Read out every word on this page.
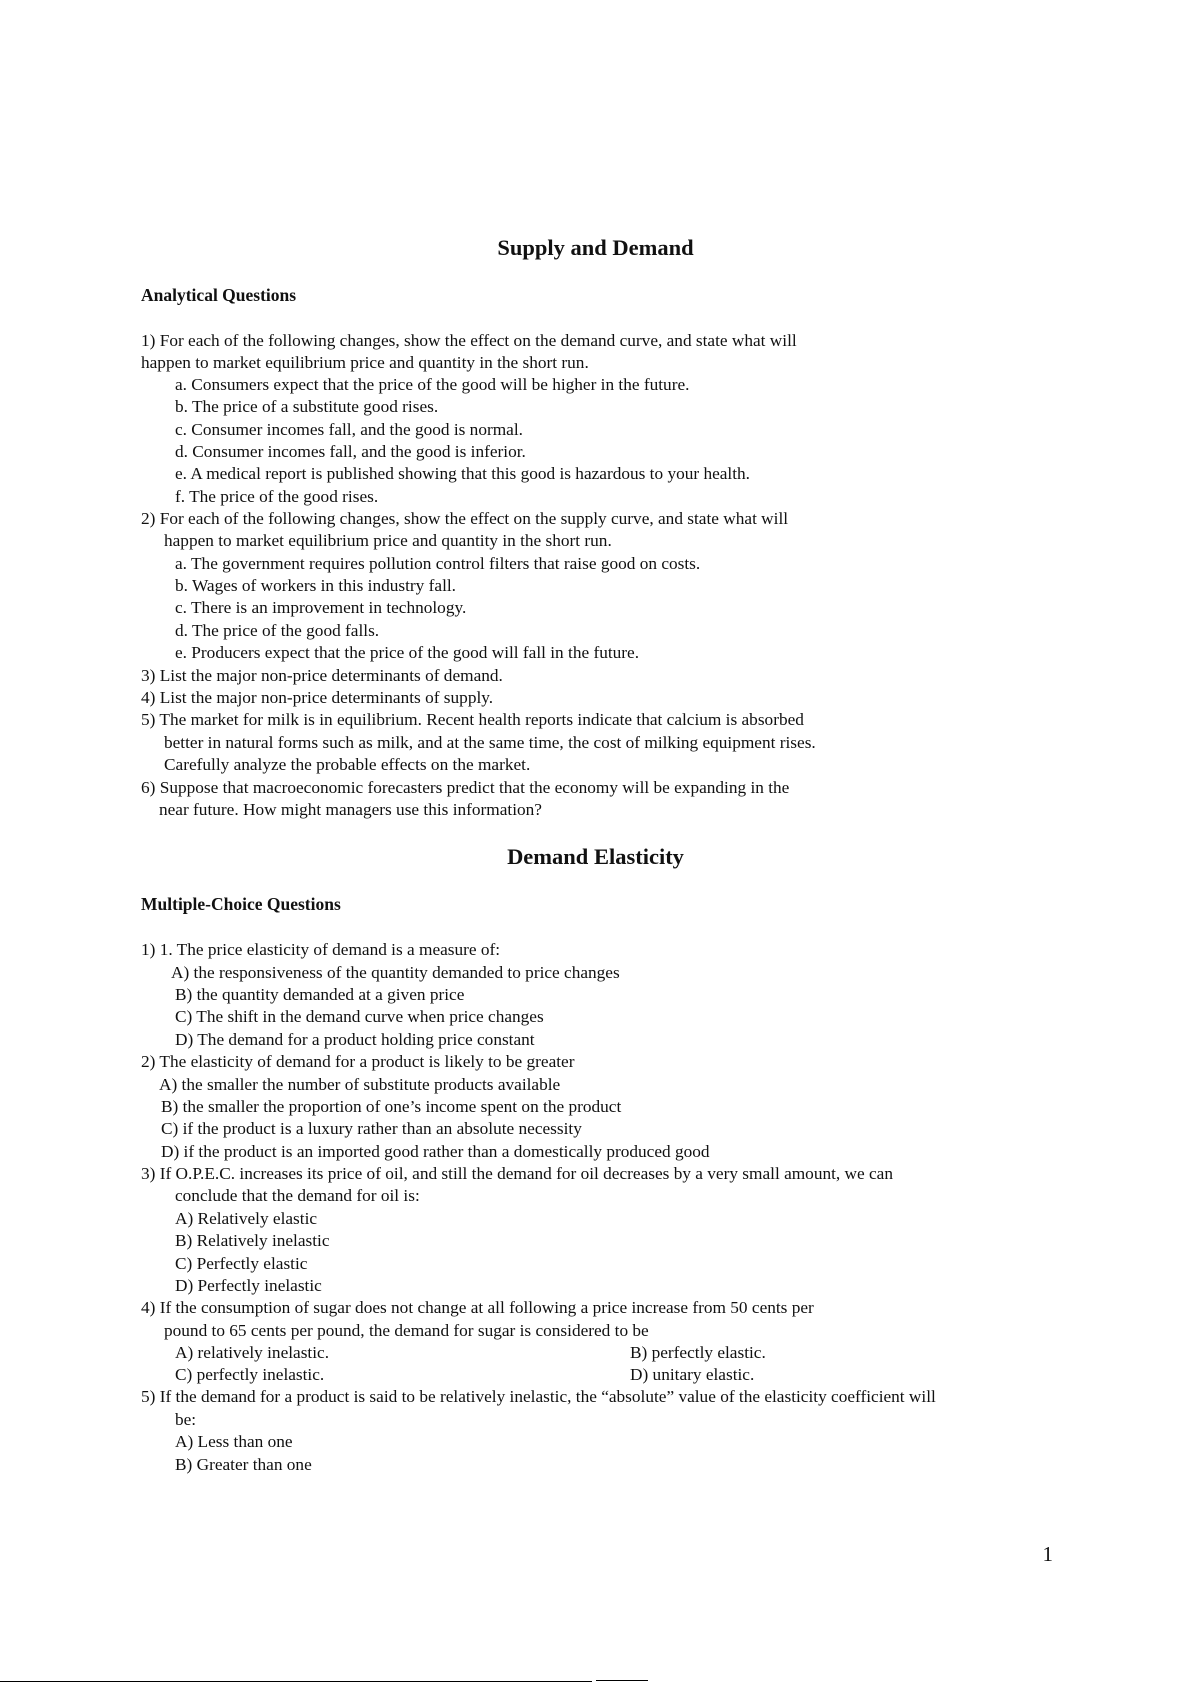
Supply and Demand
Analytical Questions
1) For each of the following changes, show the effect on the demand curve, and state what will
happen to market equilibrium price and quantity in the short run.
a. Consumers expect that the price of the good will be higher in the future.
b. The price of a substitute good rises.
c. Consumer incomes fall, and the good is normal.
d. Consumer incomes fall, and the good is inferior.
e. A medical report is published showing that this good is hazardous to your health.
f. The price of the good rises.
2) For each of the following changes, show the effect on the supply curve, and state what will
happen to market equilibrium price and quantity in the short run.
a. The government requires pollution control filters that raise good on costs.
b. Wages of workers in this industry fall.
c. There is an improvement in technology.
d. The price of the good falls.
e. Producers expect that the price of the good will fall in the future.
3) List the major non-price determinants of demand.
4) List the major non-price determinants of supply.
5) The market for milk is in equilibrium. Recent health reports indicate that calcium is absorbed
better in natural forms such as milk, and at the same time, the cost of milking equipment rises.
Carefully analyze the probable effects on the market.
6) Suppose that macroeconomic forecasters predict that the economy will be expanding in the
near future. How might managers use this information?
Demand Elasticity
Multiple-Choice Questions
1) 1. The price elasticity of demand is a measure of:
A) the responsiveness of the quantity demanded to price changes
B) the quantity demanded at a given price
C) The shift in the demand curve when price changes
D) The demand for a product holding price constant
2) The elasticity of demand for a product is likely to be greater
A) the smaller the number of substitute products available
B) the smaller the proportion of one’s income spent on the product
C) if the product is a luxury rather than an absolute necessity
D) if the product is an imported good rather than a domestically produced good
3) If O.P.E.C. increases its price of oil, and still the demand for oil decreases by a very small amount, we can
conclude that the demand for oil is:
A) Relatively elastic
B) Relatively inelastic
C) Perfectly elastic
D) Perfectly inelastic
4) If the consumption of sugar does not change at all following a price increase from 50 cents per
pound to 65 cents per pound, the demand for sugar is considered to be
A) relatively inelastic.	B) perfectly elastic.
C) perfectly inelastic.	D) unitary elastic.
5) If the demand for a product is said to be relatively inelastic, the “absolute” value of the elasticity coefficient will
be:
A) Less than one
B) Greater than one
1
